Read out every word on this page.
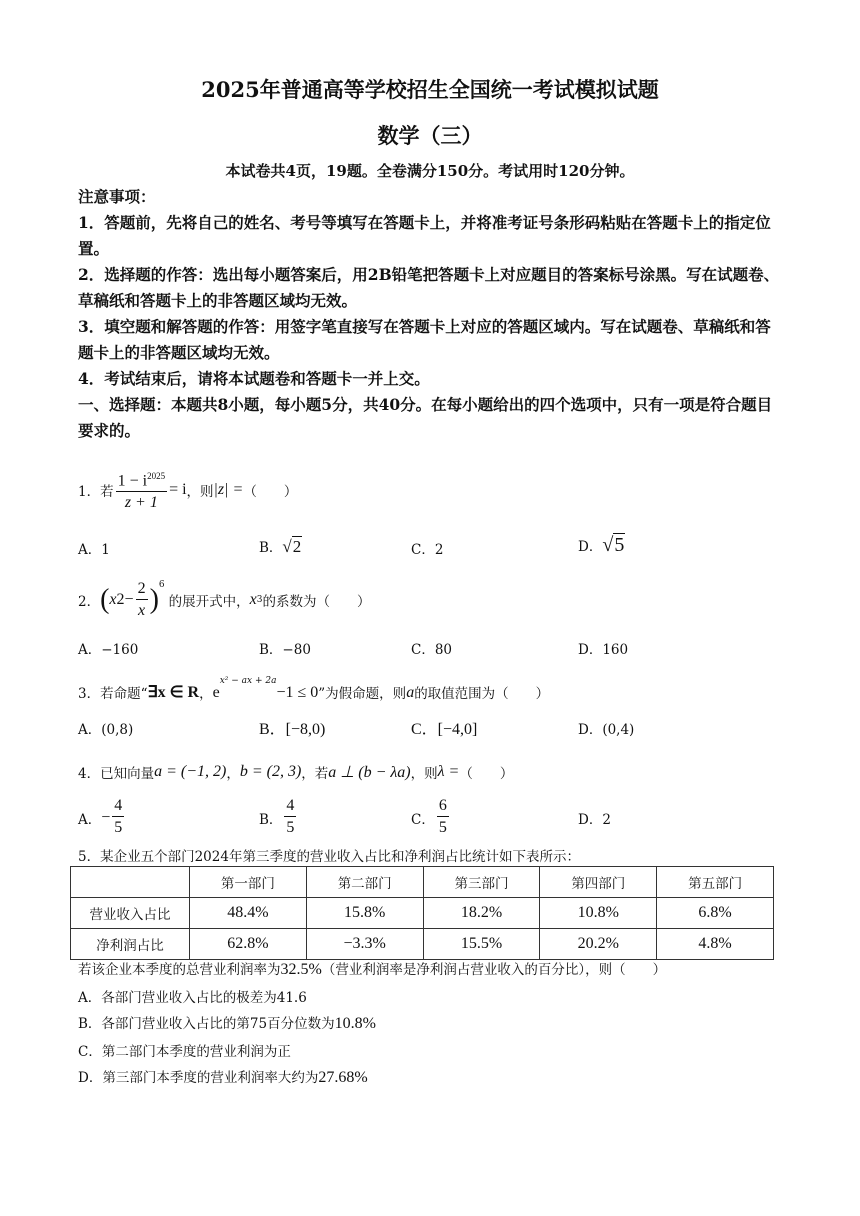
2025年普通高等学校招生全国统一考试模拟试题
数学（三）
本试卷共4页，19题。全卷满分150分。考试用时120分钟。
注意事项：
1．答题前，先将自己的姓名、考号等填写在答题卡上，并将准考证号条形码粘贴在答题卡上的指定位置。
2．选择题的作答：选出每小题答案后，用2B铅笔把答题卡上对应题目的答案标号涂黑。写在试题卷、草稿纸和答题卡上的非答题区域均无效。
3．填空题和解答题的作答：用签字笔直接写在答题卡上对应的答题区域内。写在试题卷、草稿纸和答题卡上的非答题区域均无效。
4．考试结束后，请将本试题卷和答题卡一并上交。
一、选择题：本题共8小题，每小题5分，共40分。在每小题给出的四个选项中，只有一项是符合题目要求的。
1．若 $\frac{1 - i^{2025}}{z + 1} = i$ ，则 |z| = （　　）
A．1	B．√2	C．2	D．√5
2． ( x $2 - \frac{2}{x}$ ) 6
的展开式中， x 3 的系数为（　　）
A．−160	B．−80	C．80	D．160
3．若命题“ ∃x ∈ R ， e
$^{x^2 - ax + 2a}$
−1 ≤ 0 ”为假命题，则 a 的取值范围为（　　）
A．(0,8)	B．[−8,0)	C．[−4,0]	D．(0,4)
4．已知向量 a = (−1, 2) ， b = (2, 3) ，若 a ⊥ (b − λa) ，则 λ = （　　）
A． − $\frac{4}{5}$	B． $\frac{4}{5}$	C． $\frac{6}{5}$	D．2
5．某企业五个部门2024年第三季度的营业收入占比和净利润占比统计如下表所示：
	第一部门	第二部门	第三部门	第四部门	第五部门
营业收入占比	48.4%	15.8%	18.2%	10.8%	6.8%
净利润占比	62.8%	−3.3%	15.5%	20.2%	4.8%
若该企业本季度的总营业利润率为32.5%（营业利润率是净利润占营业收入的百分比），则（　　）
A．各部门营业收入占比的极差为41.6
B．各部门营业收入占比的第75百分位数为10.8%
C．第二部门本季度的营业利润为正
D．第三部门本季度的营业利润率大约为27.68%
